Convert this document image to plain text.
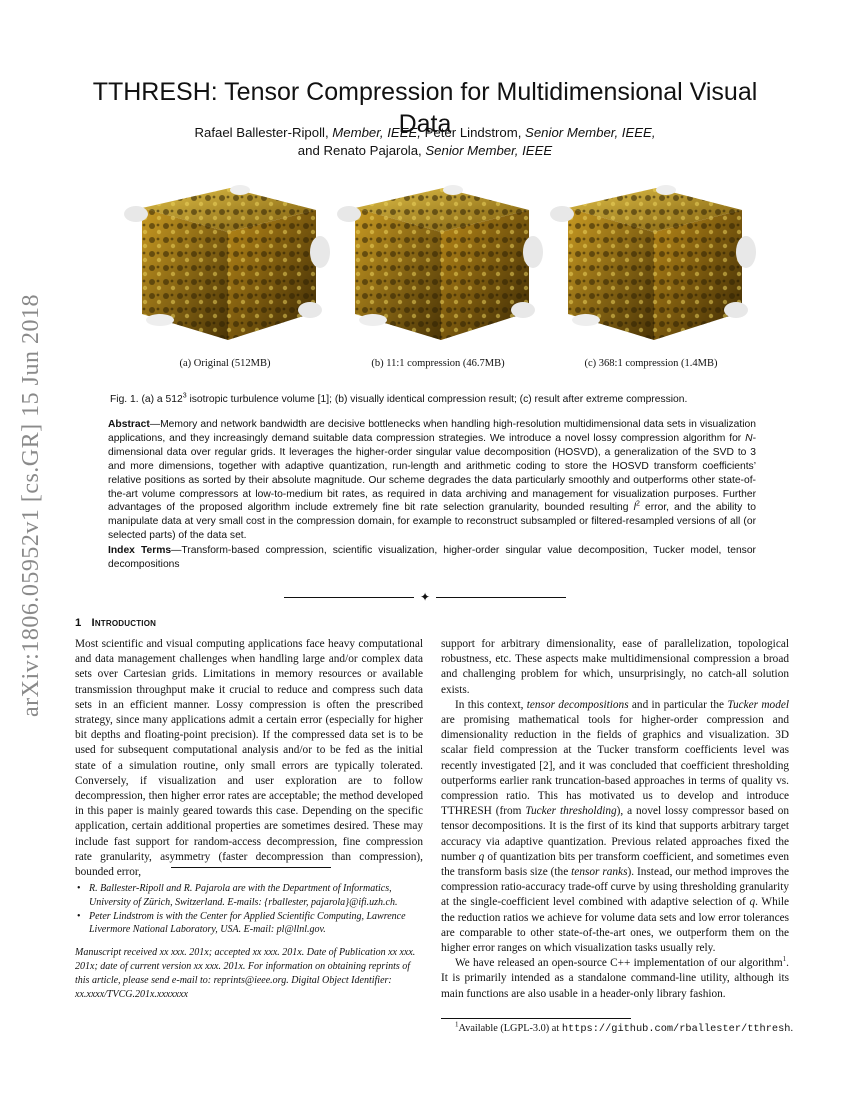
arXiv:1806.05952v1 [cs.GR] 15 Jun 2018
TTHRESH: Tensor Compression for Multidimensional Visual Data
Rafael Ballester-Ripoll, Member, IEEE, Peter Lindstrom, Senior Member, IEEE,
and Renato Pajarola, Senior Member, IEEE
(a) Original (512MB)	(b) 11:1 compression (46.7MB)	(c) 368:1 compression (1.4MB)
Fig. 1. (a) a $512^3$ isotropic turbulence volume [1]; (b) visually identical compression result; (c) result after extreme compression.
Abstract—Memory and network bandwidth are decisive bottlenecks when handling high-resolution multidimensional data sets in visualization applications, and they increasingly demand suitable data compression strategies. We introduce a novel lossy compression algorithm for N-dimensional data over regular grids. It leverages the higher-order singular value decomposition (HOSVD), a generalization of the SVD to 3 and more dimensions, together with adaptive quantization, run-length and arithmetic coding to store the HOSVD transform coefficients’ relative positions as sorted by their absolute magnitude. Our scheme degrades the data particularly smoothly and outperforms other state-of-the-art volume compressors at low-to-medium bit rates, as required in data archiving and management for visualization purposes. Further advantages of the proposed algorithm include extremely fine bit rate selection granularity, bounded resulting $l^2$ error, and the ability to manipulate data at very small cost in the compression domain, for example to reconstruct subsampled or filtered-resampled versions of all (or selected parts) of the data set.
Index Terms—Transform-based compression, scientific visualization, higher-order singular value decomposition, Tucker model, tensor decompositions
✦
1 Introduction

Most scientific and visual computing applications face heavy computational and data management challenges when handling large and/or complex data sets over Cartesian grids. Limitations in memory resources or available transmission throughput make it crucial to reduce and compress such data sets in an efficient manner. Lossy compression is often the prescribed strategy, since many applications admit a certain error (especially for higher bit depths and floating-point precision). If the compressed data set is to be used for subsequent computational analysis and/or to be fed as the initial state of a simulation routine, only small errors are typically tolerated. Conversely, if visualization and user exploration are to follow decompression, then higher error rates are acceptable; the method developed in this paper is mainly geared towards this case. Depending on the specific application, certain additional properties are sometimes desired. These may include fast support for random-access decompression, fine compression rate granularity, asymmetry (faster decompression than compression), bounded error,

• R. Ballester-Ripoll and R. Pajarola are with the Department of Informatics, University of Zürich, Switzerland. E-mails: {rballester, pajarola}@ifi.uzh.ch.
• Peter Lindstrom is with the Center for Applied Scientific Computing, Lawrence Livermore National Laboratory, USA. E-mail: pl@llnl.gov.
Manuscript received xx xxx. 201x; accepted xx xxx. 201x. Date of Publication xx xxx. 201x; date of current version xx xxx. 201x. For information on obtaining reprints of this article, please send e-mail to: reprints@ieee.org. Digital Object Identifier: xx.xxxx/TVCG.201x.xxxxxxx

support for arbitrary dimensionality, ease of parallelization, topological robustness, etc. These aspects make multidimensional compression a broad and challenging problem for which, unsurprisingly, no catch-all solution exists.

In this context, tensor decompositions and in particular the Tucker model are promising mathematical tools for higher-order compression and dimensionality reduction in the fields of graphics and visualization. 3D scalar field compression at the Tucker transform coefficients level was recently investigated [2], and it was concluded that coefficient thresholding outperforms earlier rank truncation-based approaches in terms of quality vs. compression ratio. This has motivated us to develop and introduce TTHRESH (from Tucker thresholding), a novel lossy compressor based on tensor decompositions. It is the first of its kind that supports arbitrary target accuracy via adaptive quantization. Previous related approaches fixed the number q of quantization bits per transform coefficient, and sometimes even the transform basis size (the tensor ranks). Instead, our method improves the compression ratio-accuracy trade-off curve by using thresholding granularity at the single-coefficient level combined with adaptive selection of q. While the reduction ratios we achieve for volume data sets and low error tolerances are comparable to other state-of-the-art ones, we outperform them on the higher error ranges on which visualization tasks usually rely.

We have released an open-source C++ implementation of our algorithm$^1$. It is primarily intended as a standalone command-line utility, although its main functions are also usable in a header-only library fashion.

$^1$Available (LGPL-3.0) at https://github.com/rballester/tthresh.
